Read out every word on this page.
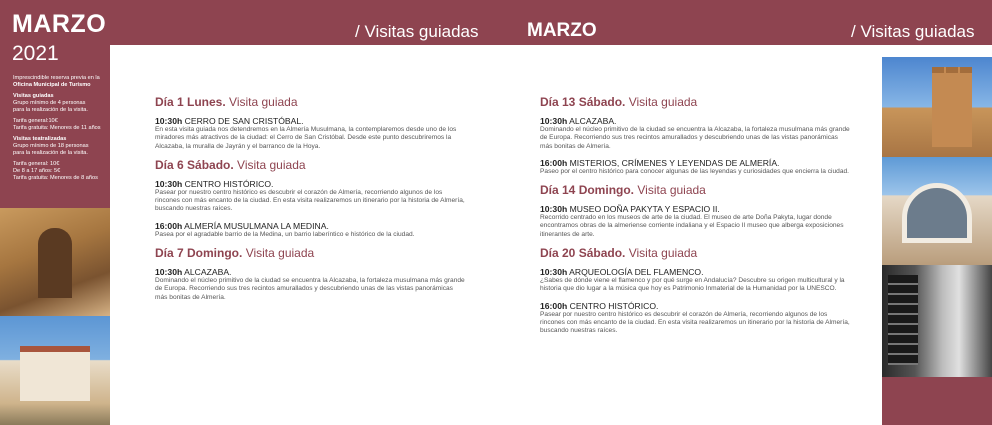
/ Visitas guiadas	MARZO	/ Visitas guiadas
MARZO
2021
Imprescindible reserva previa en la
Oficina Municipal de Turismo
Visitas guiadas
Grupo mínimo de 4 personas
para la realización de la visita.
Tarifa general:10€
Tarifa gratuita: Menores de 11 años
Visitas teatralizadas
Grupo mínimo de 18 personas
para la realización de la visita.
Tarifa general: 10€
De 8 a 17 años: 5€
Tarifa gratuita: Menores de 8 años
Día 1 Lunes. Visita guiada
10:30h CERRO DE SAN CRISTÓBAL.
En esta visita guiada nos detendremos en la Almería Musulmana, la contemplaremos desde uno de los miradores más atractivos de la ciudad: el Cerro de San Cristóbal. Desde este punto descubriremos la Alcazaba, la muralla de Jayrán y el barranco de la Hoya.
Día 6 Sábado. Visita guiada
10:30h CENTRO HISTÓRICO.
Pasear por nuestro centro histórico es descubrir el corazón de Almería, recorriendo algunos de los rincones con más encanto de la ciudad. En esta visita realizaremos un itinerario por la historia de Almería, buscando nuestras raíces.
16:00h ALMERÍA MUSULMANA LA MEDINA.
Pasea por el agradable barrio de la Medina, un barrio laberíntico e histórico de la ciudad.
Día 7 Domingo. Visita guiada
10:30h ALCAZABA.
Dominando el núcleo primitivo de la ciudad se encuentra la Alcazaba, la fortaleza musulmana más grande de Europa. Recorriendo sus tres recintos amurallados y descubriendo unas de las vistas panorámicas más bonitas de Almería.
Día 13 Sábado. Visita guiada
10:30h ALCAZABA.
Dominando el núcleo primitivo de la ciudad se encuentra la Alcazaba, la fortaleza musulmana más grande de Europa. Recorriendo sus tres recintos amurallados y descubriendo unas de las vistas panorámicas más bonitas de Almería.
16:00h MISTERIOS, CRÍMENES Y LEYENDAS DE ALMERÍA.
Paseo por el centro histórico para conocer algunas de las leyendas y curiosidades que encierra la ciudad.
Día 14 Domingo. Visita guiada
10:30h MUSEO DOÑA PAKYTA Y ESPACIO II.
Recorrido centrado en los museos de arte de la ciudad. El museo de arte Doña Pakyta, lugar donde encontramos obras de la almeriense corriente indaliana y el Espacio II museo que alberga exposiciones itinerantes de arte.
Día 20 Sábado. Visita guiada
10:30h ARQUEOLOGÍA DEL FLAMENCO.
¿Sabes de dónde viene el flamenco y por qué surge en Andalucía? Descubre su origen multicultural y la historia que dio lugar a la música que hoy es Patrimonio Inmaterial de la Humanidad por la UNESCO.
16:00h CENTRO HISTÓRICO.
Pasear por nuestro centro histórico es descubrir el corazón de Almería, recorriendo algunos de los rincones con más encanto de la ciudad. En esta visita realizaremos un itinerario por la historia de Almería, buscando nuestras raíces.
